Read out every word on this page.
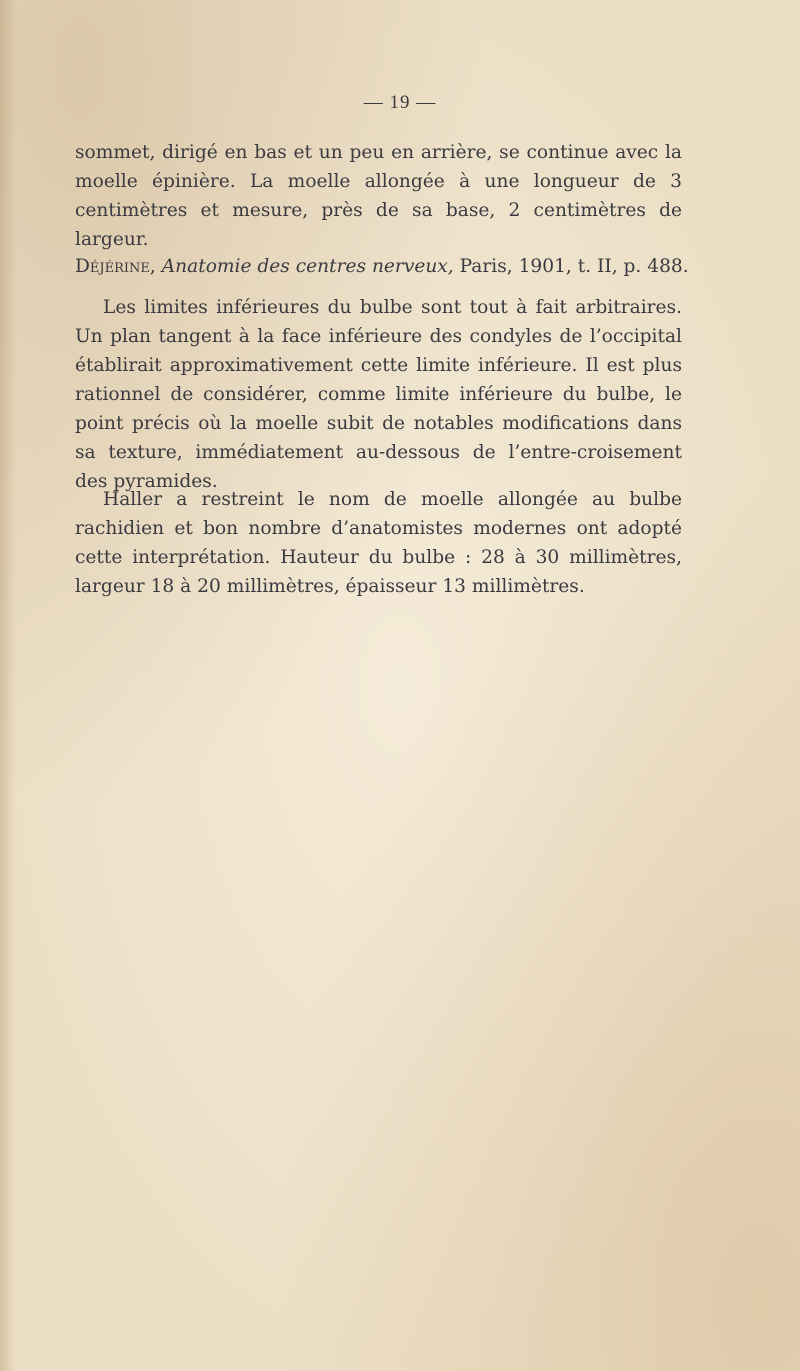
— 19 —

sommet, dirigé en bas et un peu en arrière, se continue avec la moelle épinière. La moelle allongée à une longueur de 3 centimètres et mesure, près de sa base, 2 centimètres de largeur.

Déjérine, Anatomie des centres nerveux, Paris, 1901, t. II, p. 488.

Les limites inférieures du bulbe sont tout à fait arbitraires. Un plan tangent à la face inférieure des condyles de l’occipital établirait approximativement cette limite inférieure. Il est plus rationnel de considérer, comme limite inférieure du bulbe, le point précis où la moelle subit de notables modifications dans sa texture, immédiatement au-dessous de l’entre-croisement des pyramides.

Haller a restreint le nom de moelle allongée au bulbe rachidien et bon nombre d’anatomistes modernes ont adopté cette interprétation. Hauteur du bulbe : 28 à 30 millimètres, largeur 18 à 20 millimètres, épaisseur 13 millimètres.
